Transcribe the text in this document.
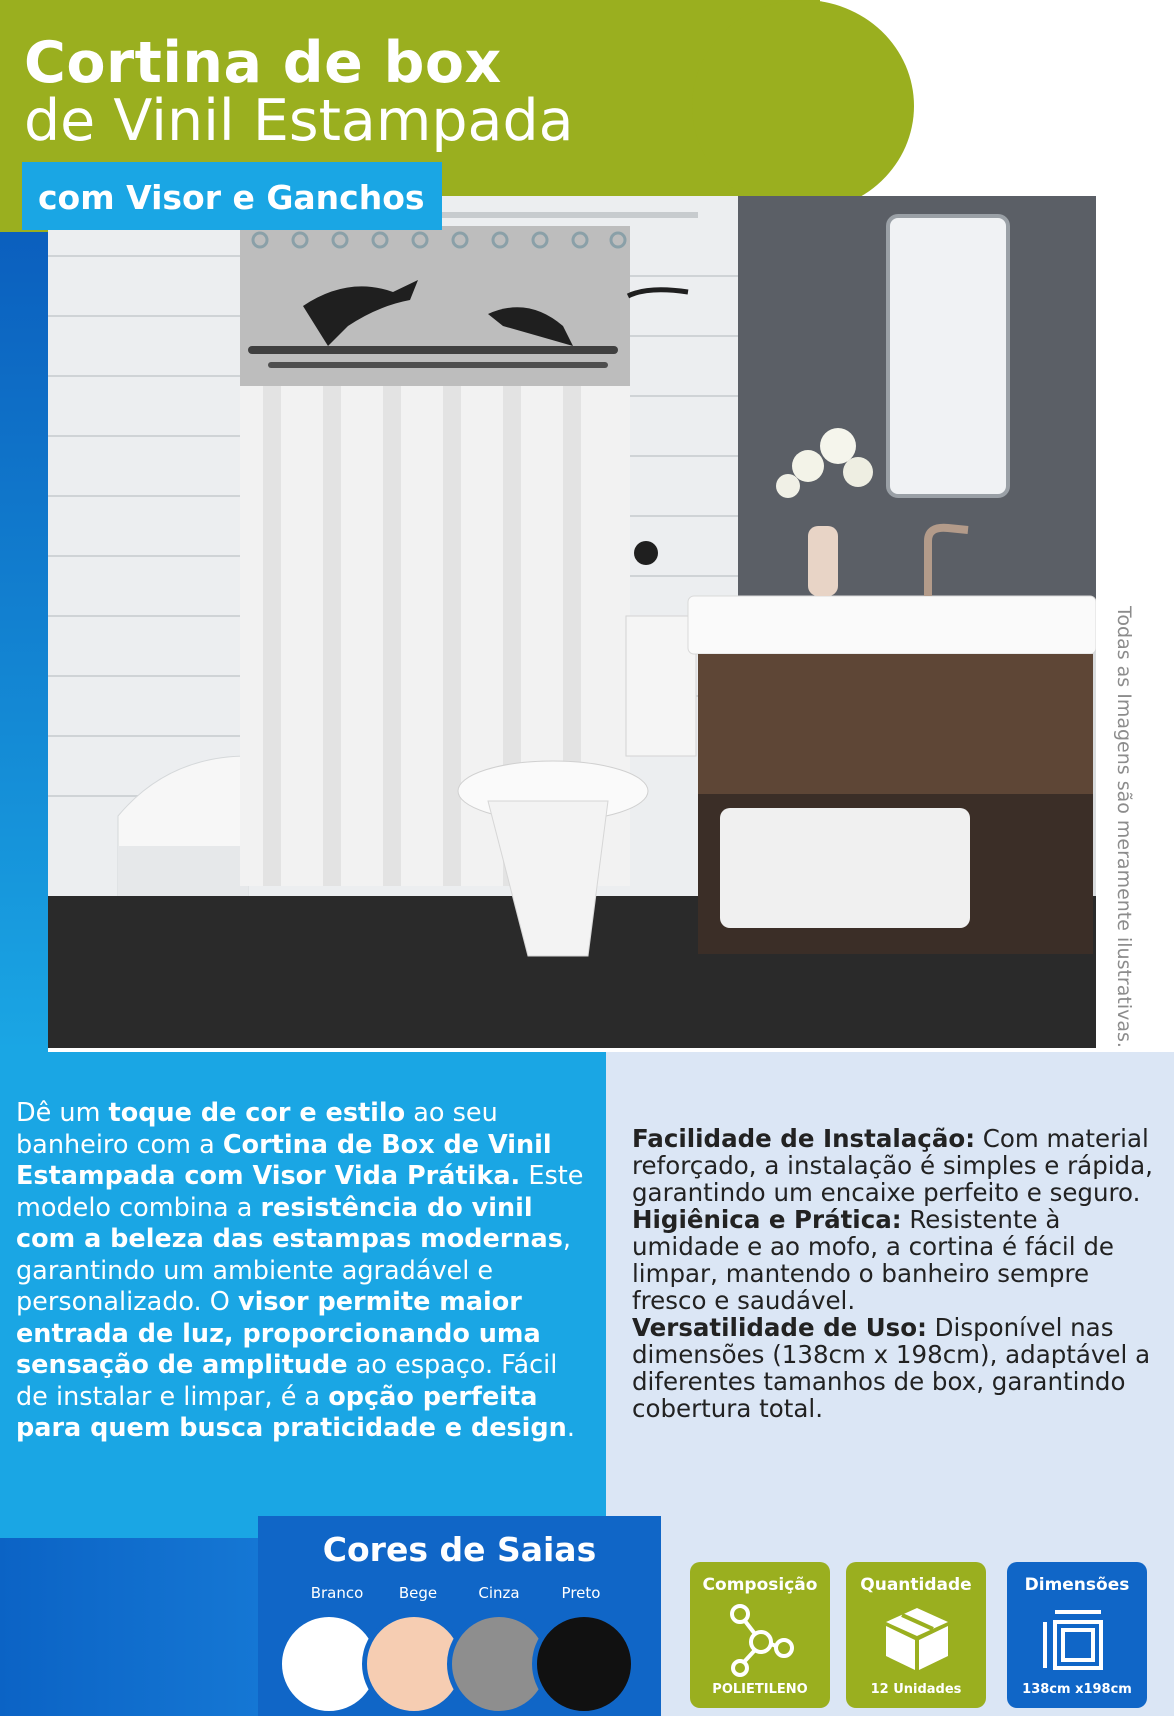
Cortina de box
de Vinil Estampada
Todas as Imagens são meramente ilustrativas.
com Visor e Ganchos
Dê um toque de cor e estilo ao seu banheiro com a Cortina de Box de Vinil Estampada com Visor Vida Prátika. Este modelo combina a resistência do vinil com a beleza das estampas modernas, garantindo um ambiente agradável e personalizado. O visor permite maior entrada de luz, proporcionando uma sensação de amplitude ao espaço. Fácil de instalar e limpar, é a opção perfeita para quem busca praticidade e design.
Facilidade de Instalação: Com material reforçado, a instalação é simples e rápida, garantindo um encaixe perfeito e seguro.
Higiênica e Prática: Resistente à umidade e ao mofo, a cortina é fácil de limpar, mantendo o banheiro sempre fresco e saudável.
Versatilidade de Uso: Disponível nas dimensões (138cm x 198cm), adaptável a diferentes tamanhos de box, garantindo cobertura total.
Cores de Saias
Branco	Bege	Cinza	Preto	Composição
POLIETILENO
Quantidade
12 Unidades
Dimensões
138cm x198cm
